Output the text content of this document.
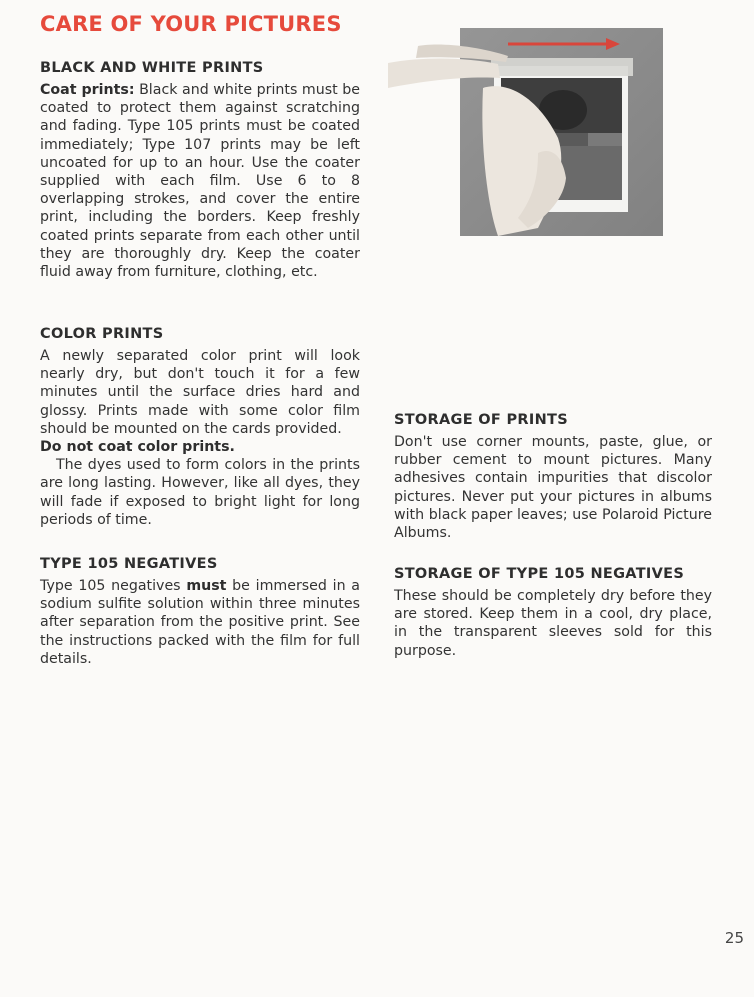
CARE OF YOUR PICTURES
BLACK AND WHITE PRINTS

Coat prints: Black and white prints must be coated to protect them against scratching and fading. Type 105 prints must be coated immediately; Type 107 prints may be left uncoated for up to an hour. Use the coater supplied with each film. Use 6 to 8 overlapping strokes, and cover the entire print, including the borders. Keep freshly coated prints separate from each other until they are thoroughly dry. Keep the coater fluid away from furniture, clothing, etc.

COLOR PRINTS

A newly separated color print will look nearly dry, but don't touch it for a few minutes until the surface dries hard and glossy. Prints made with some color film should be mounted on the cards provided.

Do not coat color prints.

The dyes used to form colors in the prints are long lasting. However, like all dyes, they will fade if exposed to bright light for long periods of time.

TYPE 105 NEGATIVES

Type 105 negatives must be immersed in a sodium sulfite solution within three minutes after separation from the positive print. See the instructions packed with the film for full details.

STORAGE OF PRINTS

Don't use corner mounts, paste, glue, or rubber cement to mount pictures. Many adhesives contain impurities that discolor pictures. Never put your pictures in albums with black paper leaves; use Polaroid Picture Albums.

STORAGE OF TYPE 105 NEGATIVES

These should be completely dry before they are stored. Keep them in a cool, dry place, in the transparent sleeves sold for this purpose.

25
